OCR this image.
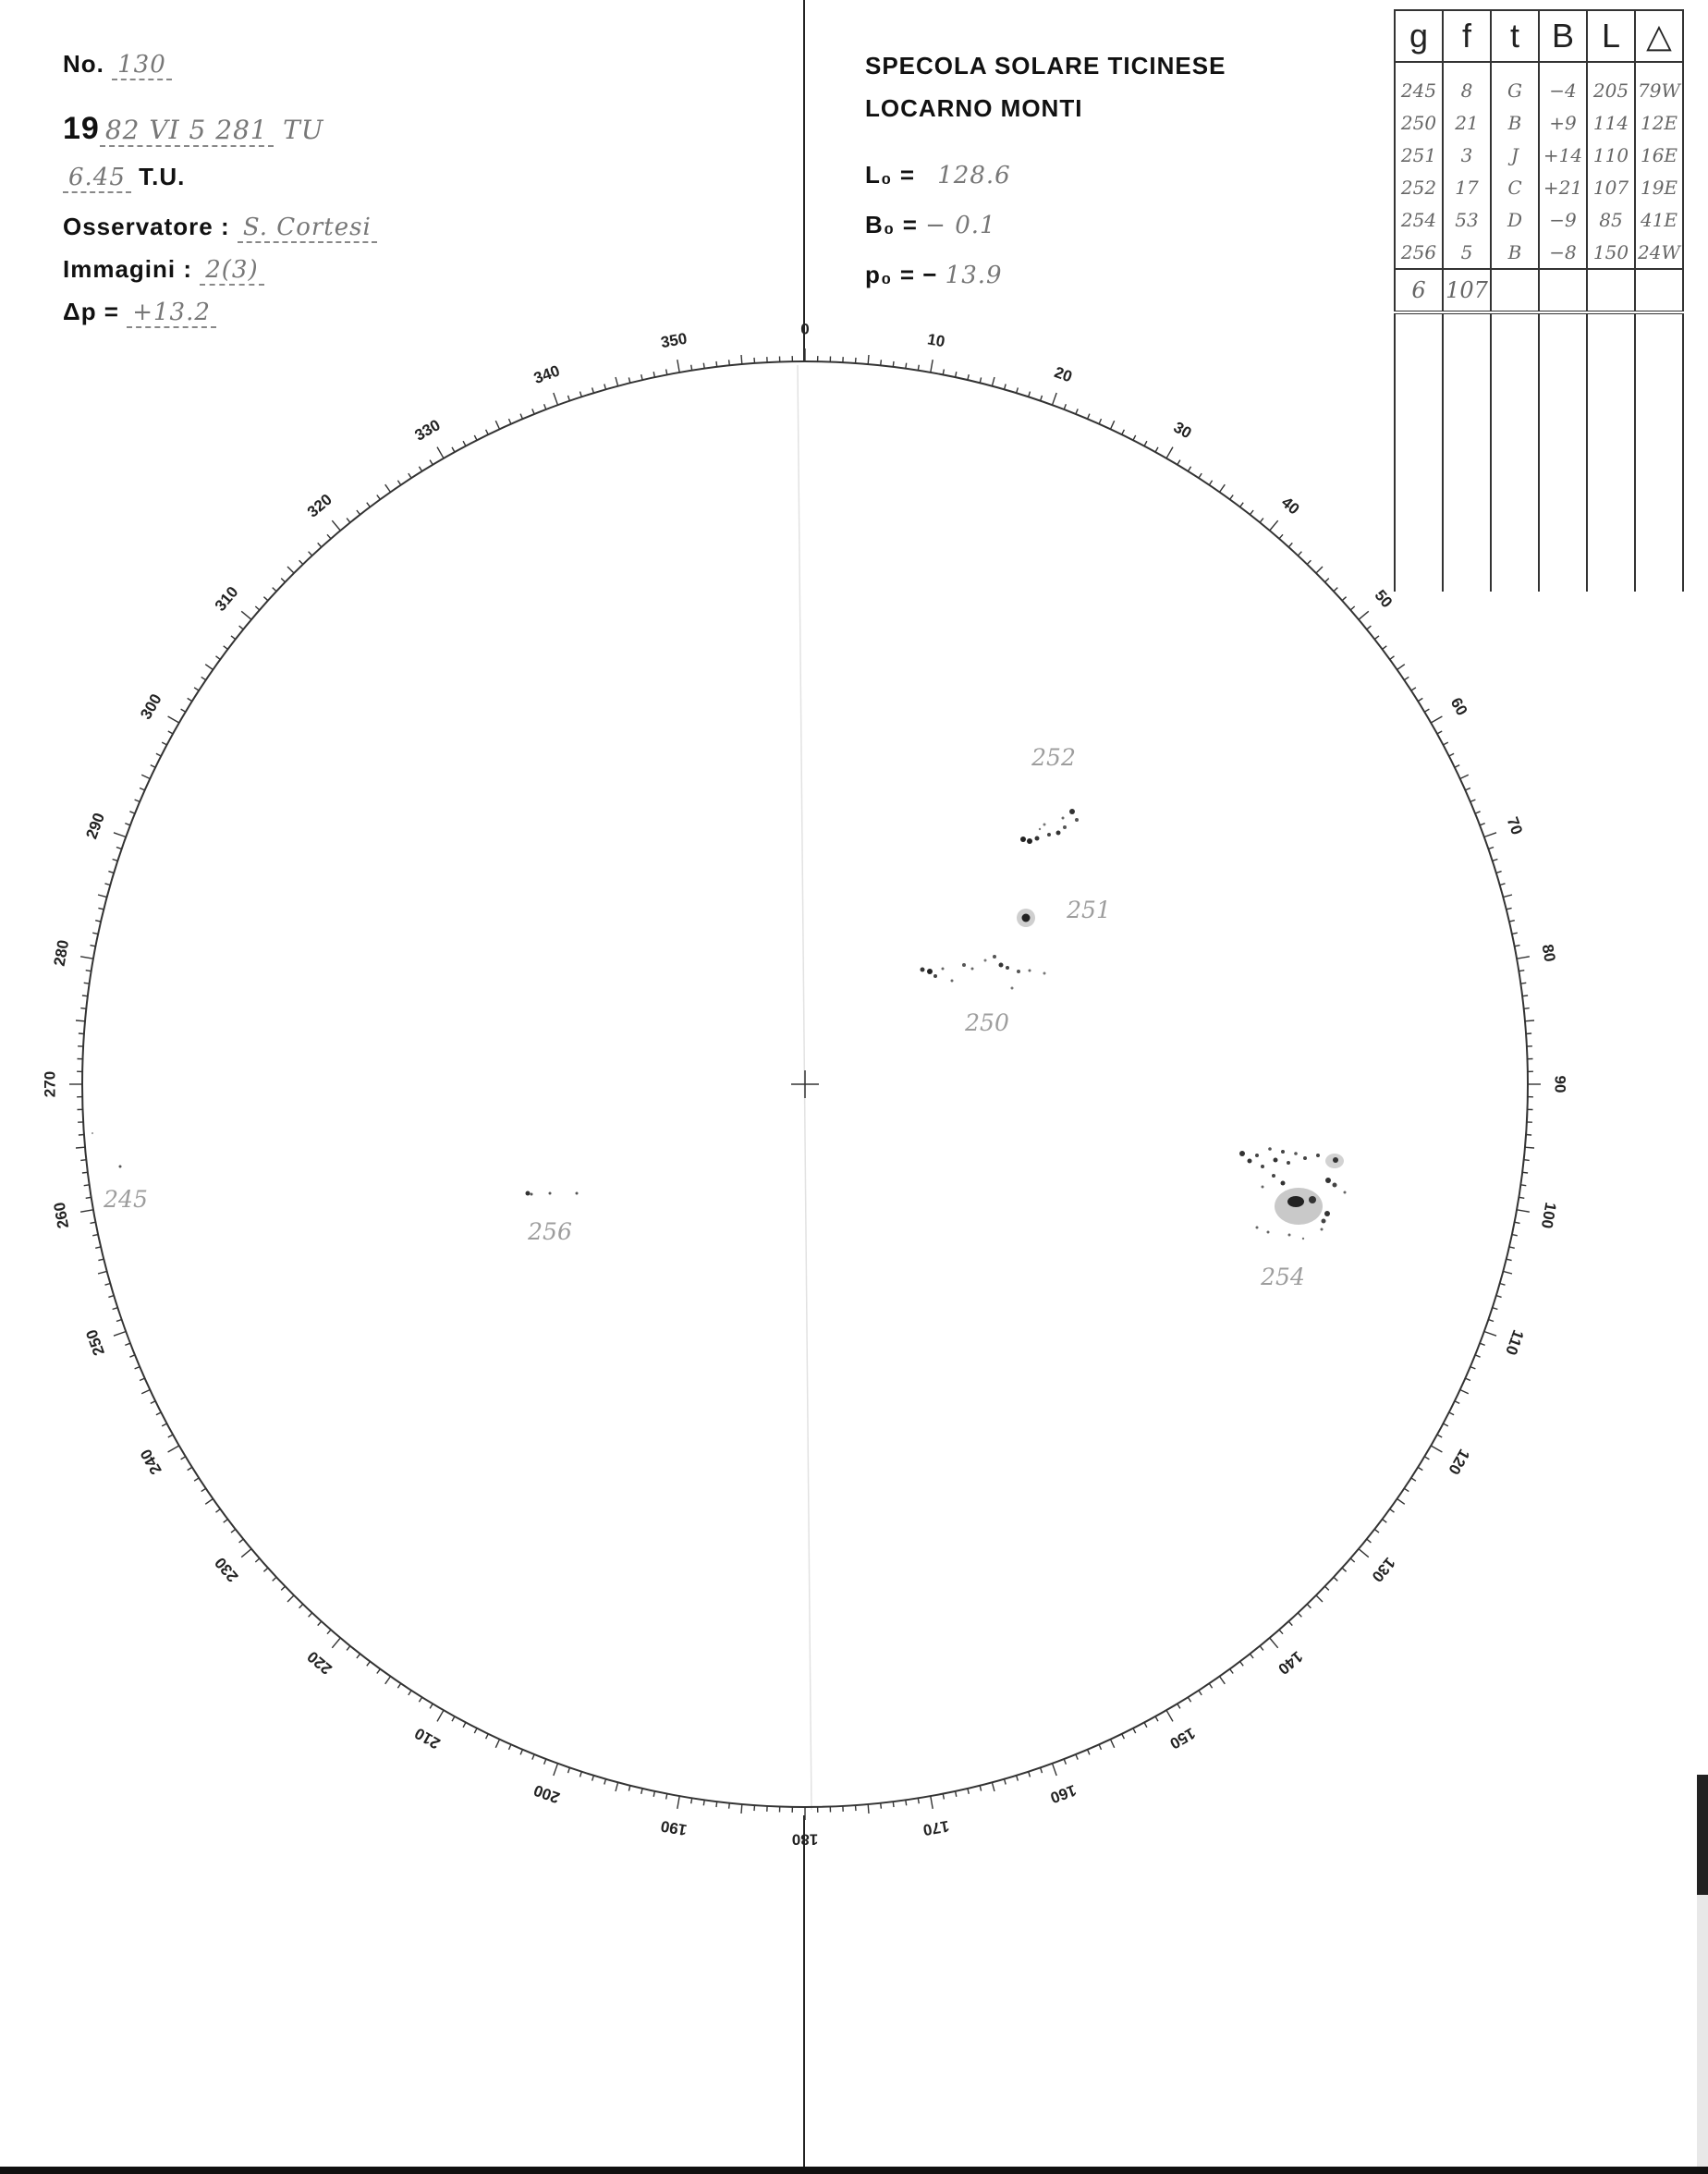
No. 130
19 82 VI 5 281 TU
6.45 T.U.
Osservatore : S. Cortesi
Immagini : 2(3)
Δp = +13.2
SPECOLA SOLARE TICINESE
LOCARNO MONTI
L₀ = 128.6
B₀ = − 0.1
p₀ = − 13.9
g	f	t	B	L	△

245	8	G	−4	205	79W
250	21	B	+9	114	12E
251	3	J	+14	110	16E
252	17	C	+21	107	19E
254	53	D	−9	85	41E
256	5	B	−8	150	24W
6	107				

0
10
20
30
40
50
60
70
80
90
100
110
120
130
140
150
160
170
180
190
200
210
220
230
240
250
260
270
280
290
300
310
320
330
340
350
252
251
250
254
256
245
